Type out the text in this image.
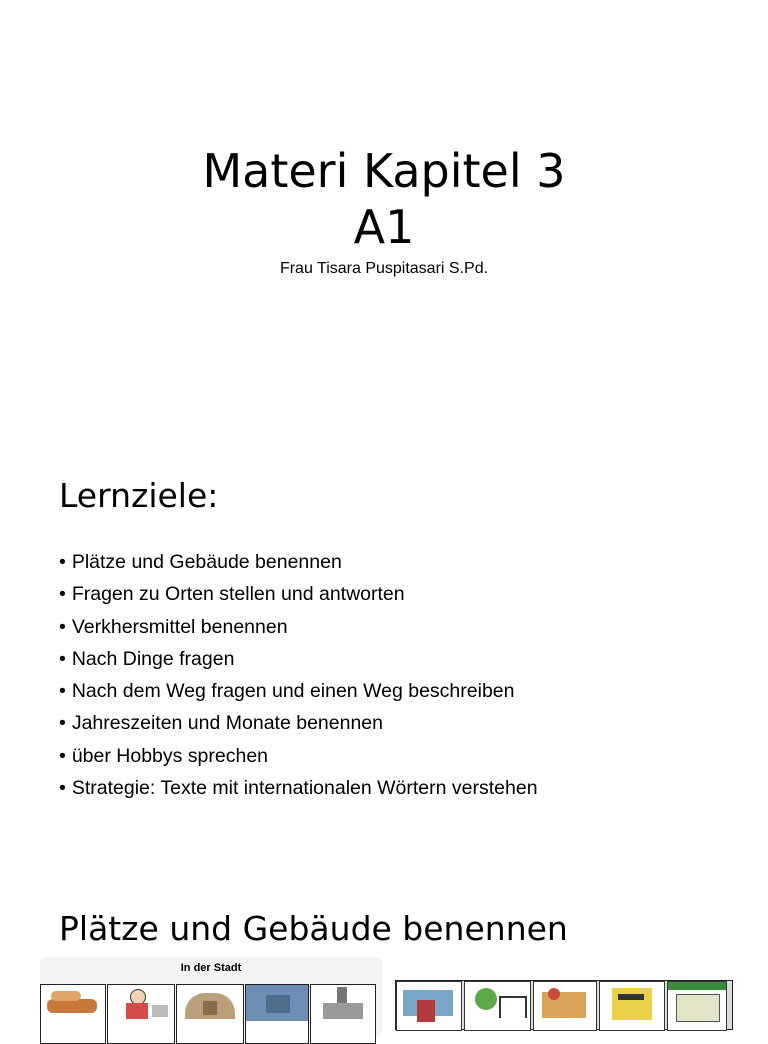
Materi Kapitel 3
A1
Frau Tisara Puspitasari S.Pd.
Lernziele:
• Plätze und Gebäude benennen
• Fragen zu Orten stellen und antworten
• Verkhersmittel benennen
• Nach Dinge fragen
• Nach dem Weg fragen und einen Weg beschreiben
• Jahreszeiten und Monate benennen
• über Hobbys sprechen
• Strategie: Texte mit internationalen Wörtern verstehen
Plätze und Gebäude benennen
In der Stadt
